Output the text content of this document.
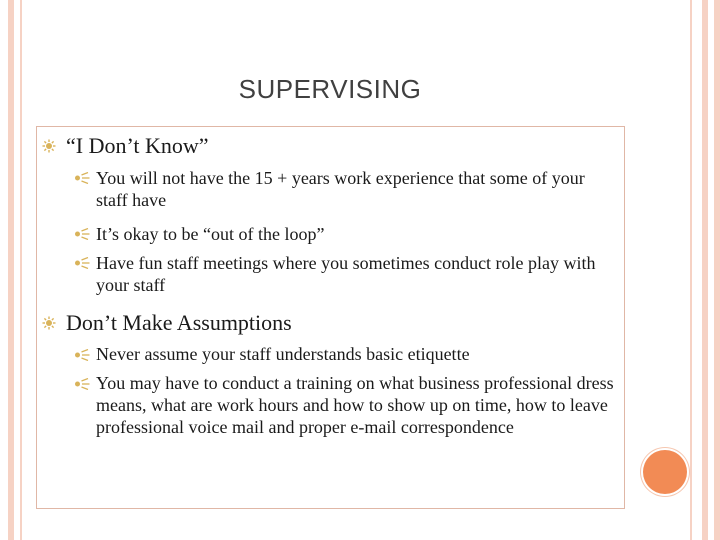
SUPERVISING
“I Don’t Know”
You will not have the 15 + years work experience that some of your staff have
It’s okay to be “out of the loop”
Have fun staff meetings where you sometimes conduct role play with your staff
Don’t Make Assumptions
Never assume your staff understands basic etiquette
You may have to conduct a training on what business professional dress means, what are work hours and how to show up on time, how to leave professional voice mail and proper e-mail correspondence
